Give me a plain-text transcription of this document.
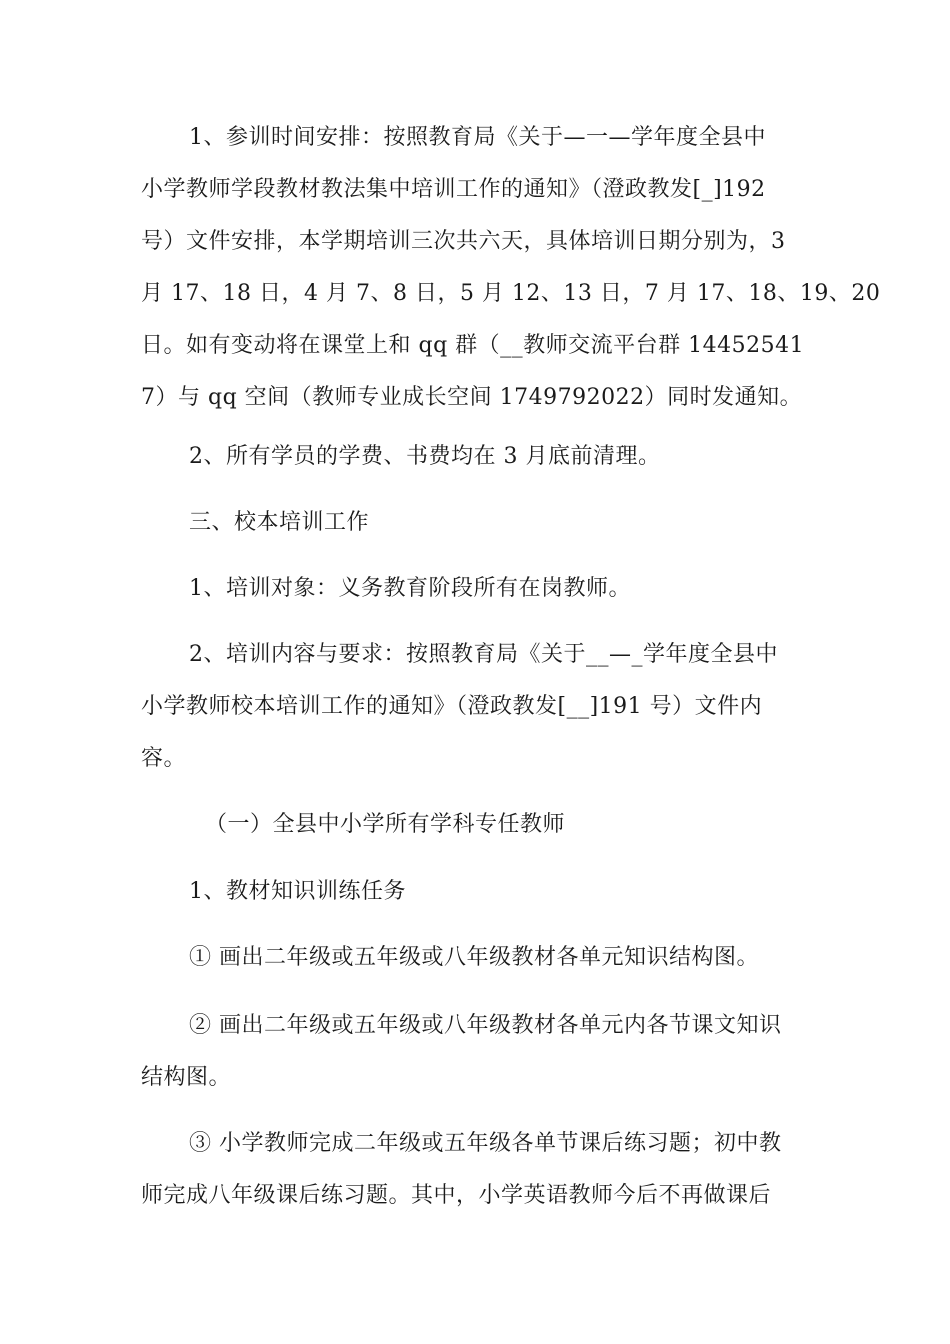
1、参训时间安排：按照教育局《关于—一—学年度全县中
小学教师学段教材教法集中培训工作的通知》（澄政教发[_]192
号）文件安排，本学期培训三次共六天，具体培训日期分别为，3
月 17、18 日，4 月 7、8 日，5 月 12、13 日，7 月 17、18、19、20
日。如有变动将在课堂上和 qq 群（__教师交流平台群 14452541
7）与 qq 空间（教师专业成长空间 1749792022）同时发通知。
2、所有学员的学费、书费均在 3 月底前清理。
三、校本培训工作
1、培训对象：义务教育阶段所有在岗教师。
2、培训内容与要求：按照教育局《关于__—_学年度全县中
小学教师校本培训工作的通知》（澄政教发[__]191 号）文件内
容。
（一）全县中小学所有学科专任教师
1、教材知识训练任务
① 画出二年级或五年级或八年级教材各单元知识结构图。
② 画出二年级或五年级或八年级教材各单元内各节课文知识
结构图。
③ 小学教师完成二年级或五年级各单节课后练习题；初中教
师完成八年级课后练习题。其中，小学英语教师今后不再做课后
